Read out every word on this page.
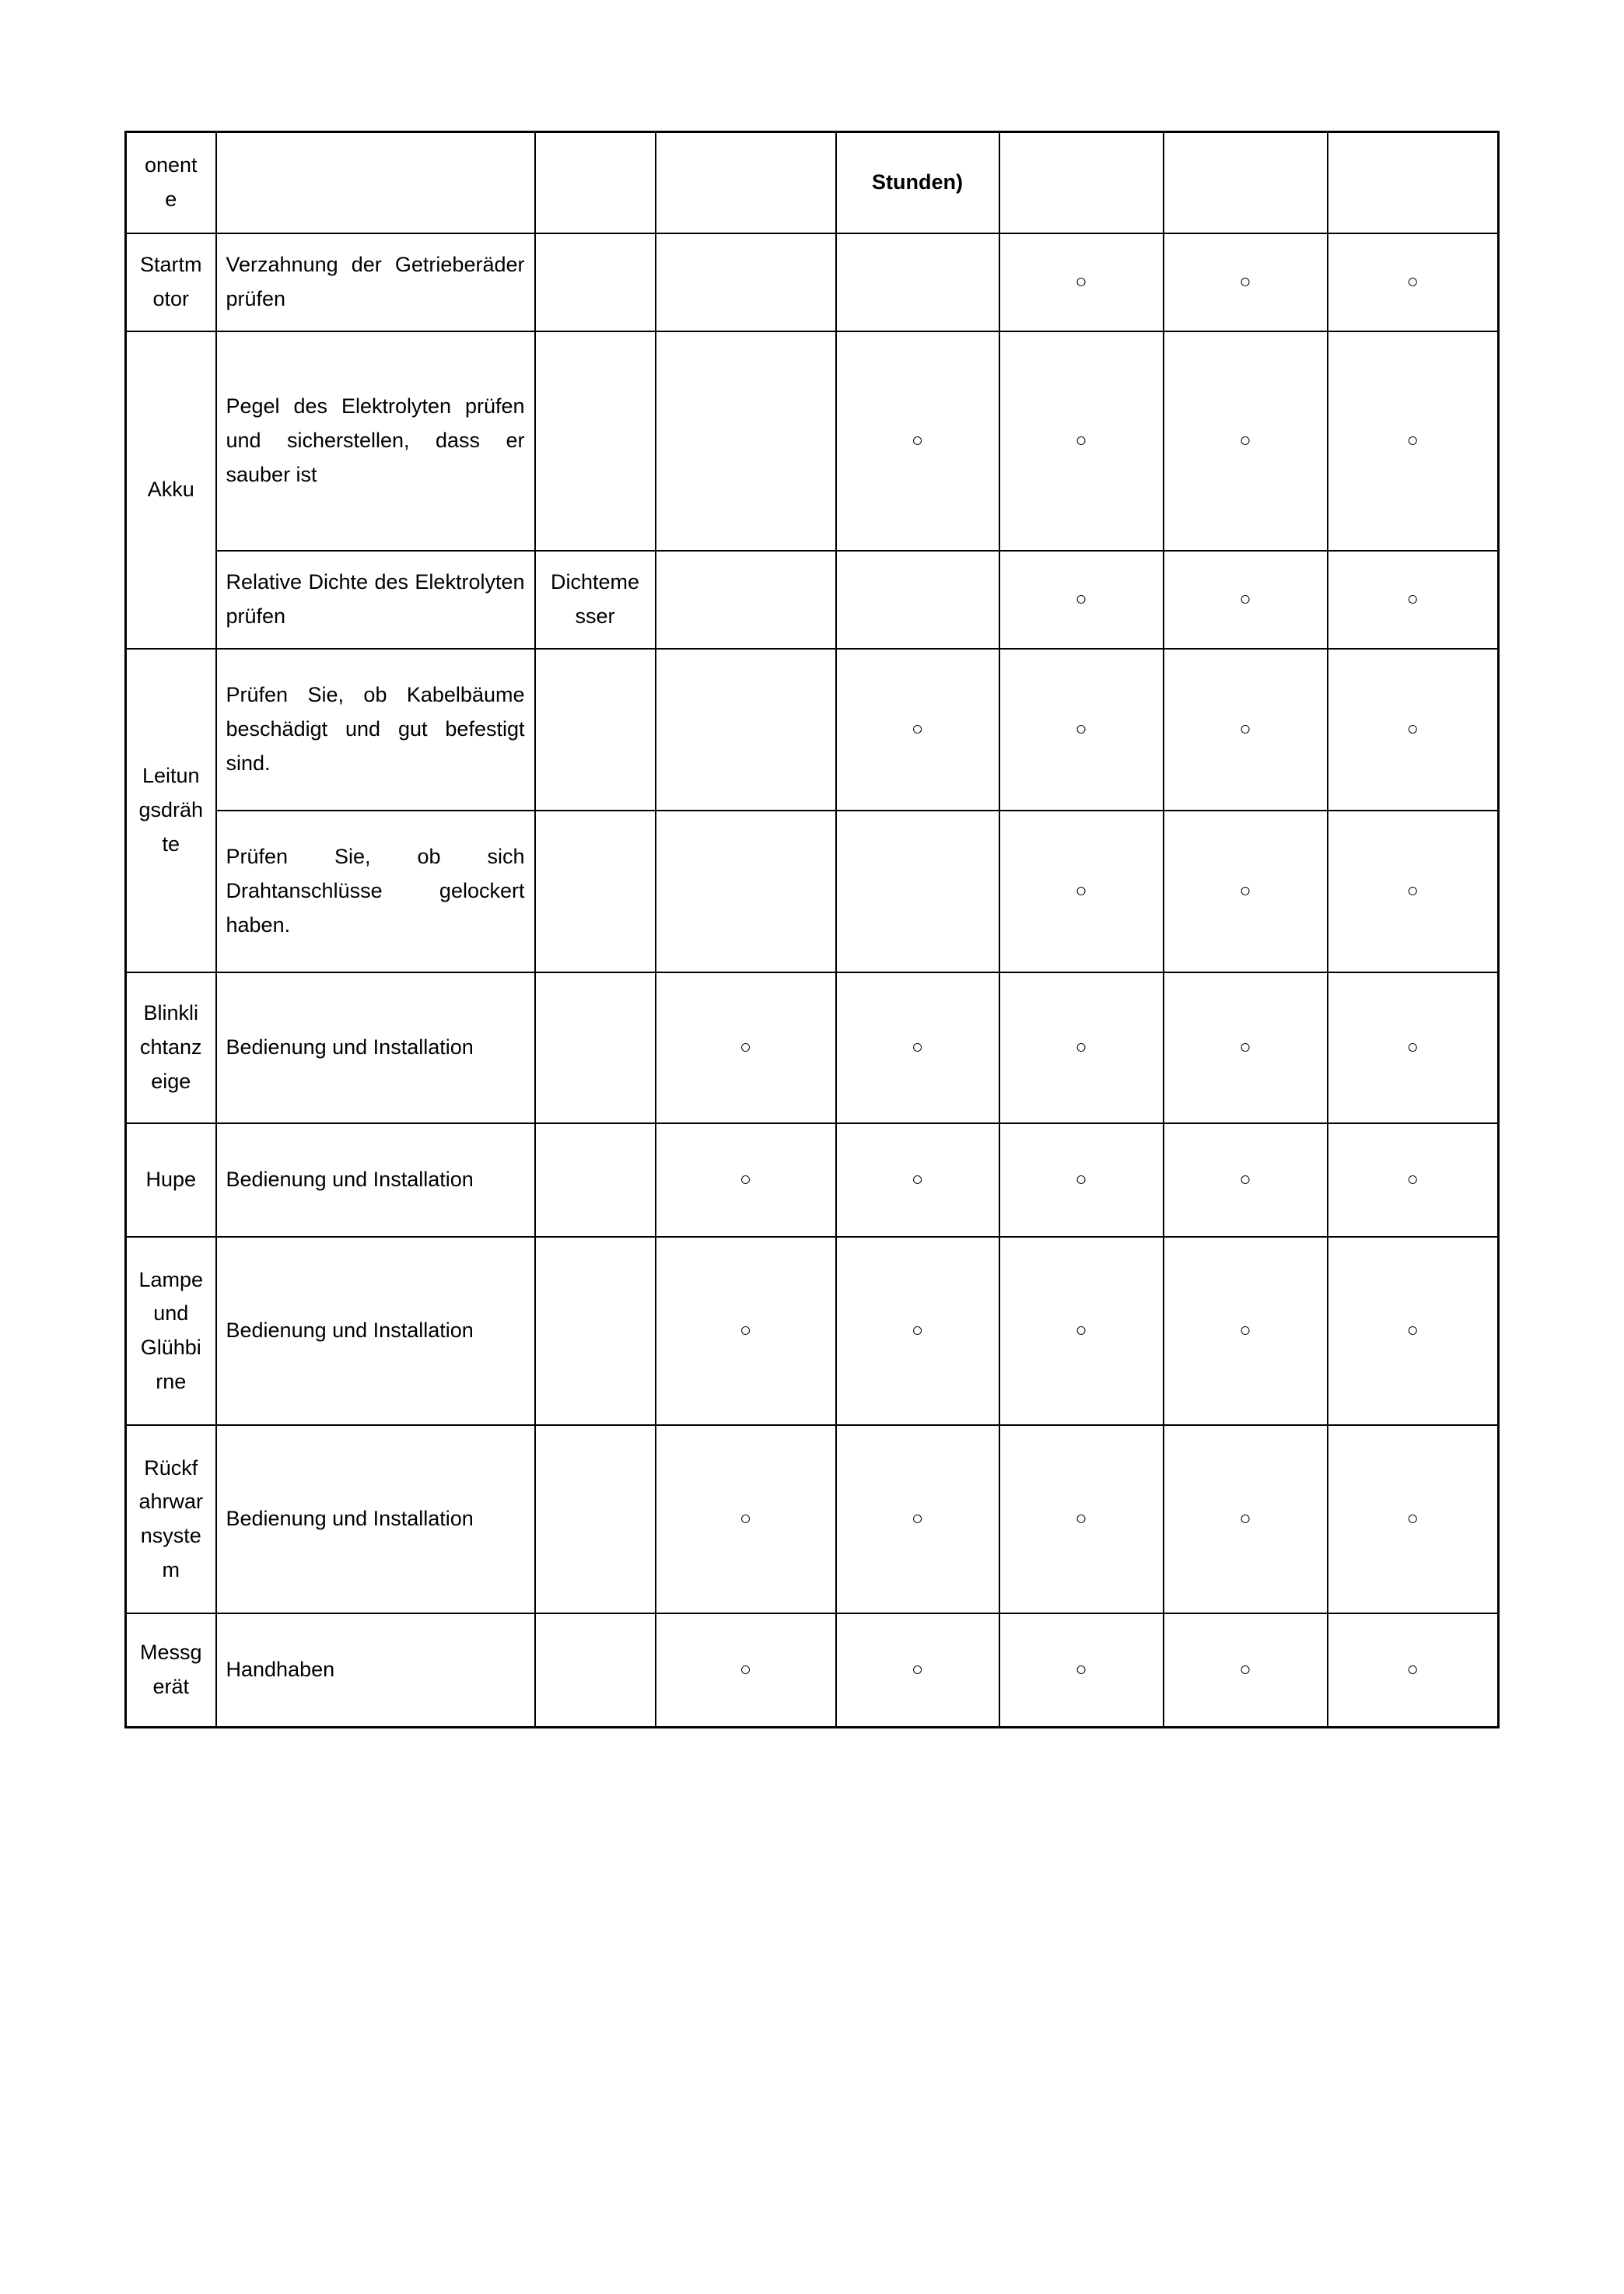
onent
e				Stunden)			
Startm
otor	Verzahnung der Getrieberäder prüfen				○	○	○
Akku	Pegel des Elektrolyten prüfen und sicherstellen, dass er sauber ist			○	○	○	○
	Relative Dichte des Elektrolyten prüfen	Dichteme
sser			○	○	○
Leitun
gsdräh
te	Prüfen Sie, ob Kabelbäume beschädigt und gut befestigt sind.			○	○	○	○
	Prüfen Sie, ob sich Drahtanschlüsse gelockert haben.				○	○	○
Blinkli
chtanz
eige	Bedienung und Installation		○	○	○	○	○
Hupe	Bedienung und Installation		○	○	○	○	○
Lampe
und
Glühbi
rne	Bedienung und Installation		○	○	○	○	○
Rückf
ahrwar
nsyste
m	Bedienung und Installation		○	○	○	○	○
Messg
erät	Handhaben		○	○	○	○	○
